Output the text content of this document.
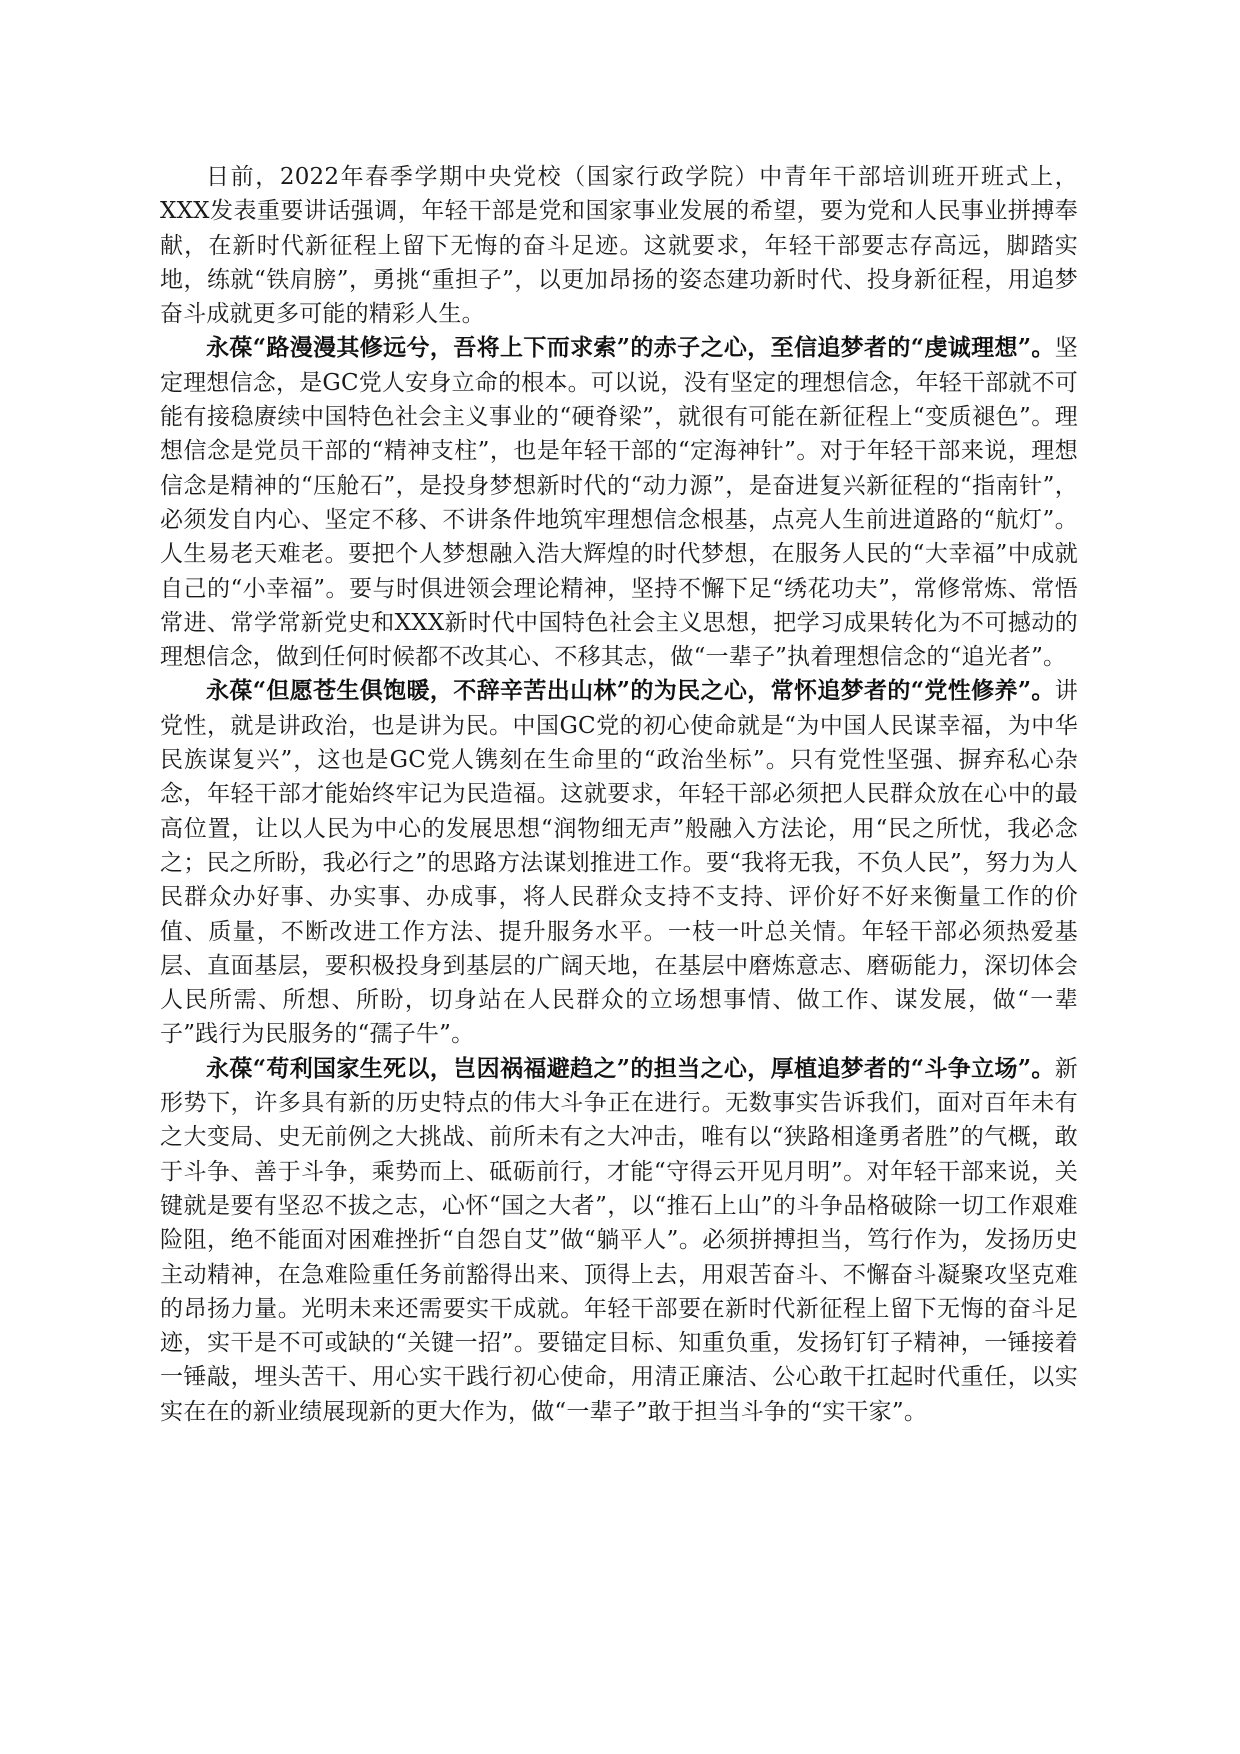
日前，2022年春季学期中央党校（国家行政学院）中青年干部培训班开班式上，XXX发表重要讲话强调，年轻干部是党和国家事业发展的希望，要为党和人民事业拼搏奉献，在新时代新征程上留下无悔的奋斗足迹。这就要求，年轻干部要志存高远，脚踏实地，练就“铁肩膀”，勇挑“重担子”，以更加昂扬的姿态建功新时代、投身新征程，用追梦奋斗成就更多可能的精彩人生。

永葆“路漫漫其修远兮，吾将上下而求索”的赤子之心，至信追梦者的“虔诚理想”。坚定理想信念，是GC党人安身立命的根本。可以说，没有坚定的理想信念，年轻干部就不可能有接稳赓续中国特色社会主义事业的“硬脊梁”，就很有可能在新征程上“变质褪色”。理想信念是党员干部的“精神支柱”，也是年轻干部的“定海神针”。对于年轻干部来说，理想信念是精神的“压舱石”，是投身梦想新时代的“动力源”，是奋进复兴新征程的“指南针”，必须发自内心、坚定不移、不讲条件地筑牢理想信念根基，点亮人生前进道路的“航灯”。人生易老天难老。要把个人梦想融入浩大辉煌的时代梦想，在服务人民的“大幸福”中成就自己的“小幸福”。要与时俱进领会理论精神，坚持不懈下足“绣花功夫”，常修常炼、常悟常进、常学常新党史和XXX新时代中国特色社会主义思想，把学习成果转化为不可撼动的理想信念，做到任何时候都不改其心、不移其志，做“一辈子”执着理想信念的“追光者”。

永葆“但愿苍生俱饱暖，不辞辛苦出山林”的为民之心，常怀追梦者的“党性修养”。讲党性，就是讲政治，也是讲为民。中国GC党的初心使命就是“为中国人民谋幸福，为中华民族谋复兴”，这也是GC党人镌刻在生命里的“政治坐标”。只有党性坚强、摒弃私心杂念，年轻干部才能始终牢记为民造福。这就要求，年轻干部必须把人民群众放在心中的最高位置，让以人民为中心的发展思想“润物细无声”般融入方法论，用“民之所忧，我必念之；民之所盼，我必行之”的思路方法谋划推进工作。要“我将无我，不负人民”，努力为人民群众办好事、办实事、办成事，将人民群众支持不支持、评价好不好来衡量工作的价值、质量，不断改进工作方法、提升服务水平。一枝一叶总关情。年轻干部必须热爱基层、直面基层，要积极投身到基层的广阔天地，在基层中磨炼意志、磨砺能力，深切体会人民所需、所想、所盼，切身站在人民群众的立场想事情、做工作、谋发展，做“一辈子”践行为民服务的“孺子牛”。

永葆“苟利国家生死以，岂因祸福避趋之”的担当之心，厚植追梦者的“斗争立场”。新形势下，许多具有新的历史特点的伟大斗争正在进行。无数事实告诉我们，面对百年未有之大变局、史无前例之大挑战、前所未有之大冲击，唯有以“狭路相逢勇者胜”的气概，敢于斗争、善于斗争，乘势而上、砥砺前行，才能“守得云开见月明”。对年轻干部来说，关键就是要有坚忍不拔之志，心怀“国之大者”，以“推石上山”的斗争品格破除一切工作艰难险阻，绝不能面对困难挫折“自怨自艾”做“躺平人”。必须拼搏担当，笃行作为，发扬历史主动精神，在急难险重任务前豁得出来、顶得上去，用艰苦奋斗、不懈奋斗凝聚攻坚克难的昂扬力量。光明未来还需要实干成就。年轻干部要在新时代新征程上留下无悔的奋斗足迹，实干是不可或缺的“关键一招”。要锚定目标、知重负重，发扬钉钉子精神，一锤接着一锤敲，埋头苦干、用心实干践行初心使命，用清正廉洁、公心敢干扛起时代重任，以实实在在的新业绩展现新的更大作为，做“一辈子”敢于担当斗争的“实干家”。
